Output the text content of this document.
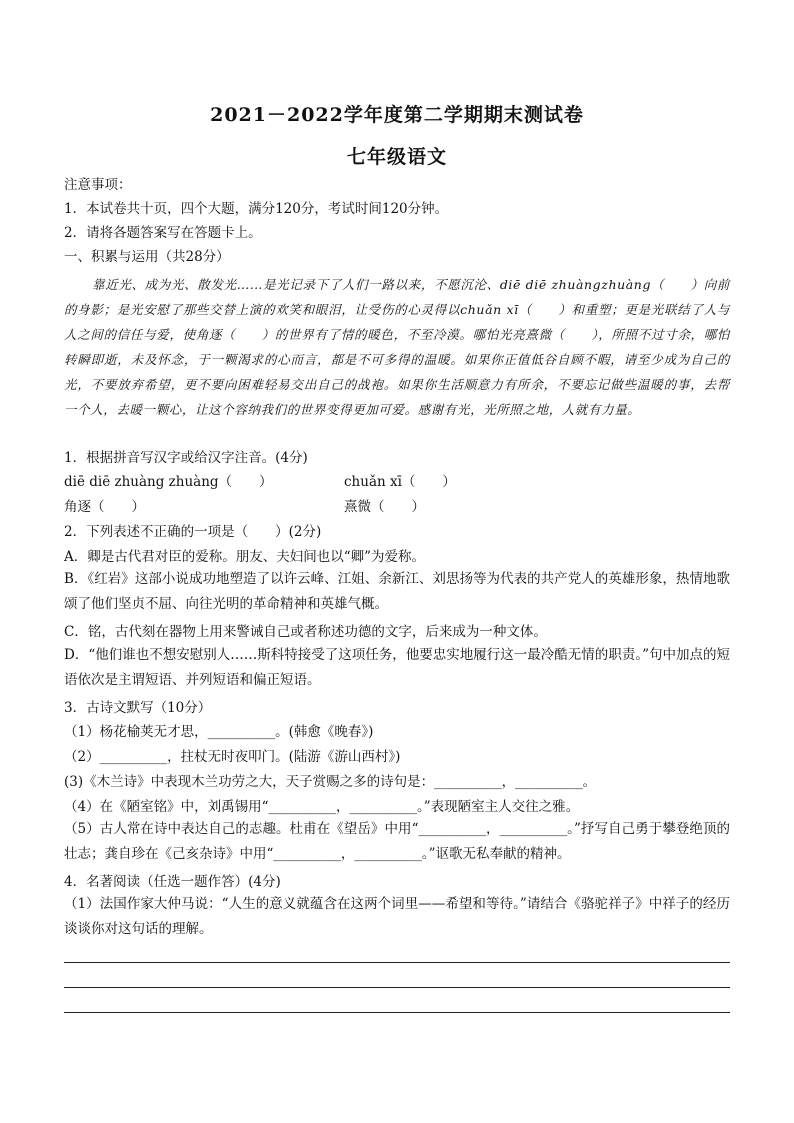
2021－2022学年度第二学期期末测试卷
七年级语文
注意事项：
1．本试卷共十页，四个大题，满分120分，考试时间120分钟。
2．请将各题答案写在答题卡上。
一、积累与运用（共28分）
靠近光、成为光、散发光……是光记录下了人们一路以来，不愿沉沦、diē diē zhuàngzhuàng（　　）向前的身影；是光安慰了那些交替上演的欢笑和眼泪，让受伤的心灵得以chuǎn xī（　　）和重塑；更是光联结了人与人之间的信任与爱，使角逐（　　）的世界有了情的暖色，不至冷漠。哪怕光亮熹微（　　），所照不过寸余，哪怕转瞬即逝，未及怀念，于一颗渴求的心而言，都是不可多得的温暖。如果你正值低谷自顾不暇，请至少成为自己的光，不要放弃希望，更不要向困难轻易交出自己的战袍。如果你生活顺意力有所余，不要忘记做些温暖的事，去帮一个人，去暖一颗心，让这个容纳我们的世界变得更加可爱。感谢有光，光所照之地，人就有力量。
1．根据拼音写汉字或给汉字注音。(4分)
diē diē zhuàng zhuàng（　　）	chuǎn xī（　　）
角逐（　　）	熹微（　　）
2．下列表述不正确的一项是（　　）(2分)
A．卿是古代君对臣的爱称。朋友、夫妇间也以“卿”为爱称。
B．《红岩》这部小说成功地塑造了以许云峰、江姐、余新江、刘思扬等为代表的共产党人的英雄形象，热情地歌颂了他们坚贞不屈、向往光明的革命精神和英雄气概。
C．铭，古代刻在器物上用来警诫自己或者称述功德的文字，后来成为一种文体。
D．“他们谁也不想安慰别人……斯科特接受了这项任务，他要忠实地履行这一最冷酷无情的职责。”句中加点的短语依次是主谓短语、并列短语和偏正短语。
3．古诗文默写（10分）
（1）杨花榆荚无才思，__________。(韩愈《晚春》)
（2）__________，拄杖无时夜叩门。(陆游《游山西村》)
(3)《木兰诗》中表现木兰功劳之大，天子赏赐之多的诗句是：__________，__________。
（4）在《陋室铭》中，刘禹锡用“__________，__________。”表现陋室主人交往之雅。
（5）古人常在诗中表达自己的志趣。杜甫在《望岳》中用“__________，__________。”抒写自己勇于攀登绝顶的壮志；龚自珍在《己亥杂诗》中用“__________，__________。”讴歌无私奉献的精神。
4．名著阅读（任选一题作答）(4分)
（1）法国作家大仲马说：“人生的意义就蕴含在这两个词里——希望和等待。”请结合《骆驼祥子》中祥子的经历谈谈你对这句话的理解。
